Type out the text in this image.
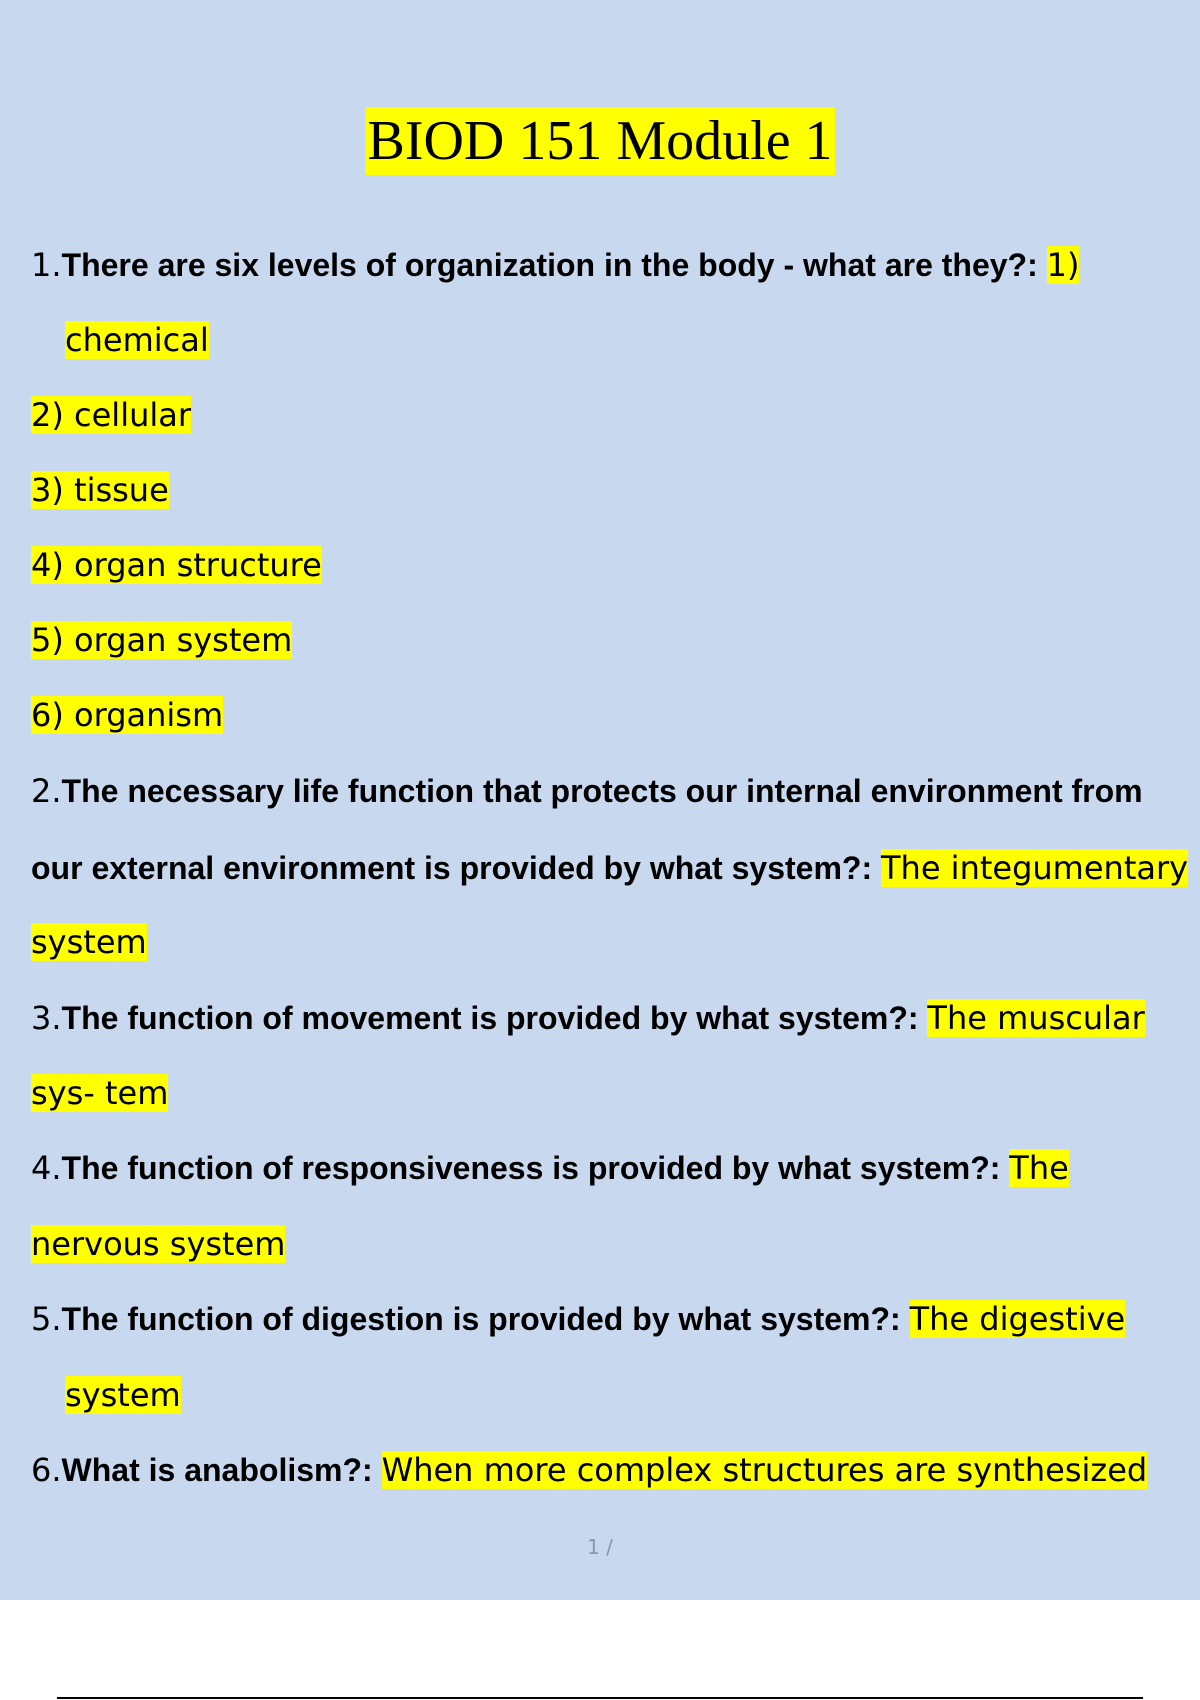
BIOD 151 Module 1
1.There are six levels of organization in the body - what are they?: 1)
chemical
2) cellular
3) tissue
4) organ structure
5) organ system
6) organism
2.The necessary life function that protects our internal environment from
our external environment is provided by what system?: The integumentary
system
3.The function of movement is provided by what system?: The muscular
sys- tem
4.The function of responsiveness is provided by what system?: The
nervous system
5.The function of digestion is provided by what system?: The digestive
system
6.What is anabolism?: When more complex structures are synthesized
1 /
